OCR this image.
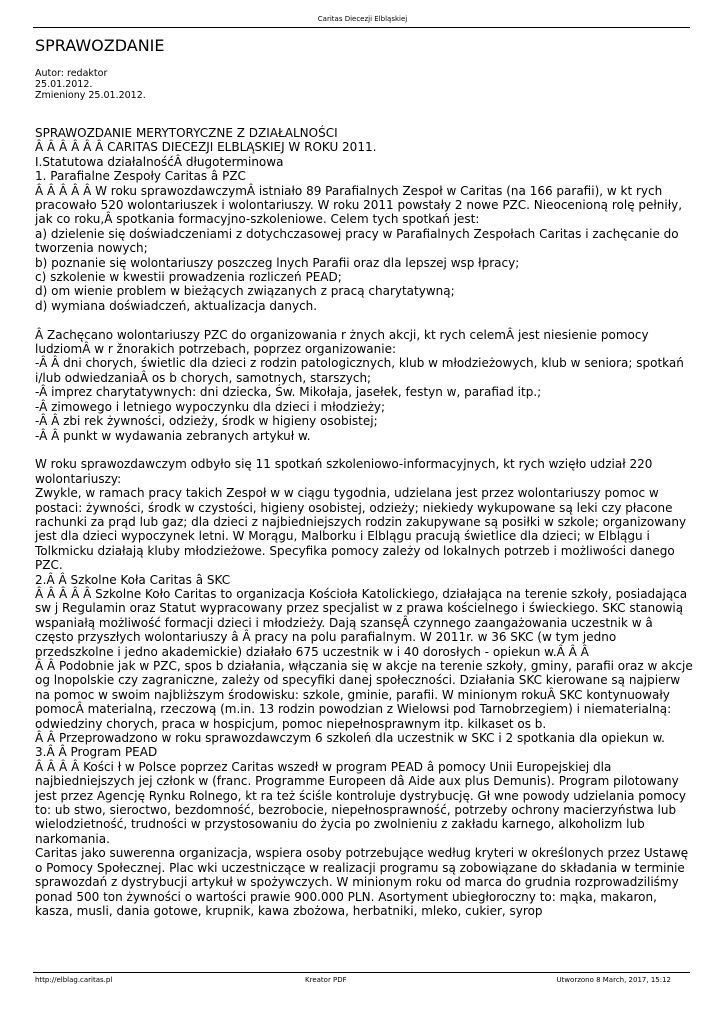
Caritas Diecezji Elbląskiej
SPRAWOZDANIE
Autor: redaktor
25.01.2012.
Zmieniony 25.01.2012.

SPRAWOZDANIE MERYTORYCZNE Z DZIAŁALNOŚCI

Â Â Â Â Â Â CARITAS DIECEZJI ELBLĄSKIEJ W ROKU 2011.

I.Statutowa działalnośćÂ długoterminowa

1. Parafialne Zespoły Caritas â PZC

Â Â Â Â Â W roku sprawozdawczymÂ istniało 89 Parafialnych Zespoł w Caritas (na 166 parafii), w kt rych pracowało 520 wolontariuszek i wolontariuszy. W roku 2011 powstały 2 nowe PZC. Nieocenioną rolę pełniły, jak co roku,Â spotkania formacyjno-szkoleniowe. Celem tych spotkań jest:

a) dzielenie się doświadczeniami z dotychczasowej pracy w Parafialnych Zespołach Caritas i zachęcanie do tworzenia nowych;

b) poznanie się wolontariuszy poszczeg lnych Parafii oraz dla lepszej wsp łpracy;

c) szkolenie w kwestii prowadzenia rozliczeń PEAD;

d) om wienie problem w bieżących związanych z pracą charytatywną;

d) wymiana doświadczeń, aktualizacja danych.

Â Zachęcano wolontariuszy PZC do organizowania r żnych akcji, kt rych celemÂ jest niesienie pomocy ludziomÂ w r žnorakich potrzebach, poprzez organizowanie:

-Â Â dni chorych, świetlic dla dzieci z rodzin patologicznych, klub w młodzieżowych, klub w seniora; spotkań i/lub odwiedzaniaÂ os b chorych, samotnych, starszych;

-Â imprez charytatywnych: dni dziecka, Św. Mikołaja, jasełek, festyn w, parafiad itp.;

-Â zimowego i letniego wypoczynku dla dzieci i młodzieży;

-Â Â zbi rek żywności, odzieży, środk w higieny osobistej;

-Â Â punkt w wydawania zebranych artykuł w.

W roku sprawozdawczym odbyło się 11 spotkań szkoleniowo-informacyjnych, kt rych wzięło udział 220 wolontariuszy:

Zwykle, w ramach pracy takich Zespoł w w ciągu tygodnia, udzielana jest przez wolontariuszy pomoc w postaci: żywności, środk w czystości, higieny osobistej, odzieży; niekiedy wykupowane są leki czy płacone rachunki za prąd lub gaz; dla dzieci z najbiedniejszych rodzin zakupywane są posiłki w szkole; organizowany jest dla dzieci wypoczynek letni. W Morągu, Malborku i Elblągu pracują świetlice dla dzieci; w Elblągu i Tolkmicku działają kluby młodzieżowe. Specyfika pomocy zależy od lokalnych potrzeb i możliwości danego PZC.

2.Â Â Szkolne Koła Caritas â SKC

Â Â Â Â Â Szkolne Koło Caritas to organizacja Kościoła Katolickiego, działająca na terenie szkoły, posiadająca sw j Regulamin oraz Statut wypracowany przez specjalist w z prawa kościelnego i świeckiego. SKC stanowią wspaniałą możliwość formacji dzieci i młodzieży. Dają szansęÂ czynnego zaangażowania uczestnik w â często przyszłych wolontariuszy â Â pracy na polu parafialnym. W 2011r. w 36 SKC (w tym jedno przedszkolne i jedno akademickie) działało 675 uczestnik w i 40 dorosłych - opiekun w.Â Â Â

Â Â Podobnie jak w PZC, spos b działania, włączania się w akcje na terenie szkoły, gminy, parafii oraz w akcje og lnopolskie czy zagraniczne, zależy od specyfiki danej społeczności. Działania SKC kierowane są najpierw na pomoc w swoim najbliższym środowisku: szkole, gminie, parafii. W minionym rokuÂ SKC kontynuowały pomocÂ materialną, rzeczową (m.in. 13 rodzin powodzian z Wielowsi pod Tarnobrzegiem) i niematerialną: odwiedziny chorych, praca w hospicjum, pomoc niepełnosprawnym itp. kilkaset os b.

Â Â Przeprowadzono w roku sprawozdawczym 6 szkoleń dla uczestnik w SKC i 2 spotkania dla opiekun w.

3.Â Â Program PEAD

Â Â Â Â Kości ł w Polsce poprzez Caritas wszedł w program PEAD â pomocy Unii Europejskiej dla najbiedniejszych jej członk w (franc. Programme Europeen dâ Aide aux plus Demunis). Program pilotowany jest przez Agencję Rynku Rolnego, kt ra też ściśle kontroluje dystrybucję. Gł wne powody udzielania pomocy to: ub stwo, sieroctwo, bezdomność, bezrobocie, niepełnosprawność, potrzeby ochrony macierzyństwa lub wielodzietność, trudności w przystosowaniu do życia po zwolnieniu z zakładu karnego, alkoholizm lub narkomania.

Caritas jako suwerenna organizacja, wspiera osoby potrzebujące według kryteri w określonych przez Ustawę o Pomocy Społecznej. Plac wki uczestniczące w realizacji programu są zobowiązane do składania w terminie sprawozdań z dystrybucji artykuł w spożywczych. W minionym roku od marca do grudnia rozprowadziliśmy ponad 500 ton żywności o wartości prawie 900.000 PLN. Asortyment ubiegłoroczny to: mąka, makaron, kasza, musli, dania gotowe, krupnik, kawa zbożowa, herbatniki, mleko, cukier, syrop

http://elblag.caritas.pl	Kreator PDF	Utworzono 8 March, 2017, 15:12
